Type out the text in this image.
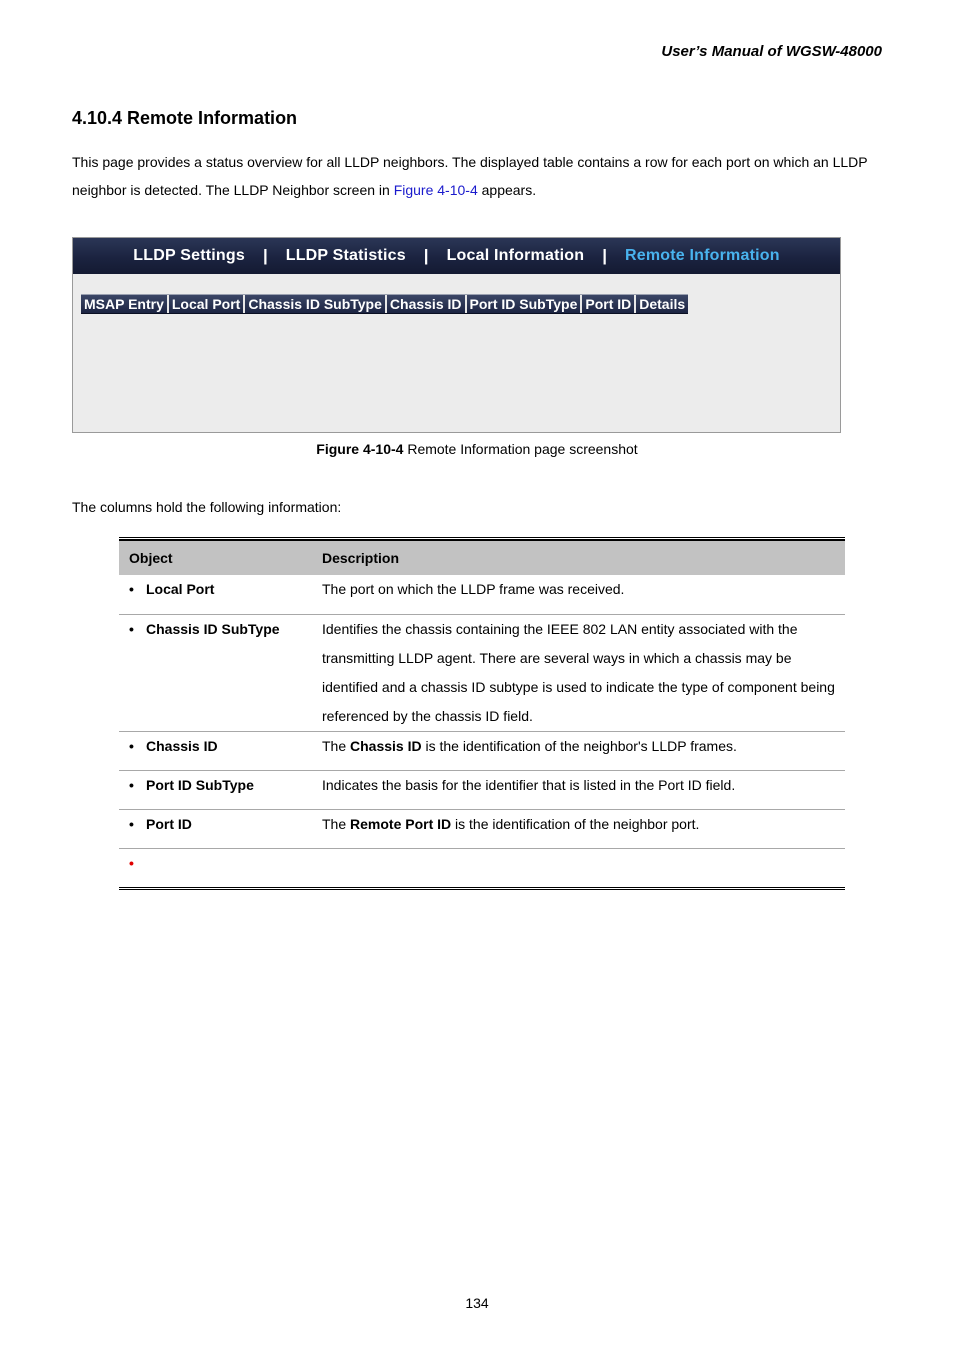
User’s Manual of WGSW-48000
4.10.4 Remote Information
This page provides a status overview for all LLDP neighbors. The displayed table contains a row for each port on which an LLDP neighbor is detected. The LLDP Neighbor screen in Figure 4-10-4 appears.
LLDP Settings	|	LLDP Statistics	|	Local Information	|	Remote Information
MSAP Entry Local Port Chassis ID SubType Chassis ID Port ID SubType Port ID Details
Figure 4-10-4 Remote Information page screenshot
The columns hold the following information:
Object	Description
• Local Port	The port on which the LLDP frame was received.
• Chassis ID SubType	Identifies the chassis containing the IEEE 802 LAN entity associated with the transmitting LLDP agent. There are several ways in which a chassis may be identified and a chassis ID subtype is used to indicate the type of component being referenced by the chassis ID field.
• Chassis ID	The Chassis ID is the identification of the neighbor's LLDP frames.
• Port ID SubType	Indicates the basis for the identifier that is listed in the Port ID field.
• Port ID	The Remote Port ID is the identification of the neighbor port.
•
134
